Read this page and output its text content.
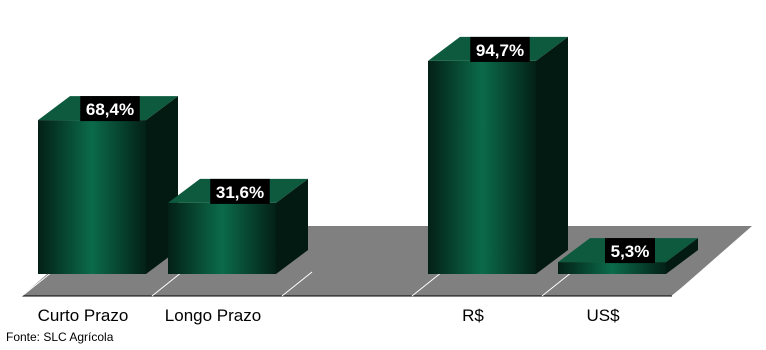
68,4%
31,6%
94,7%
5,3%
Curto Prazo Longo Prazo	R$	US$
Fonte: SLC Agrícola
